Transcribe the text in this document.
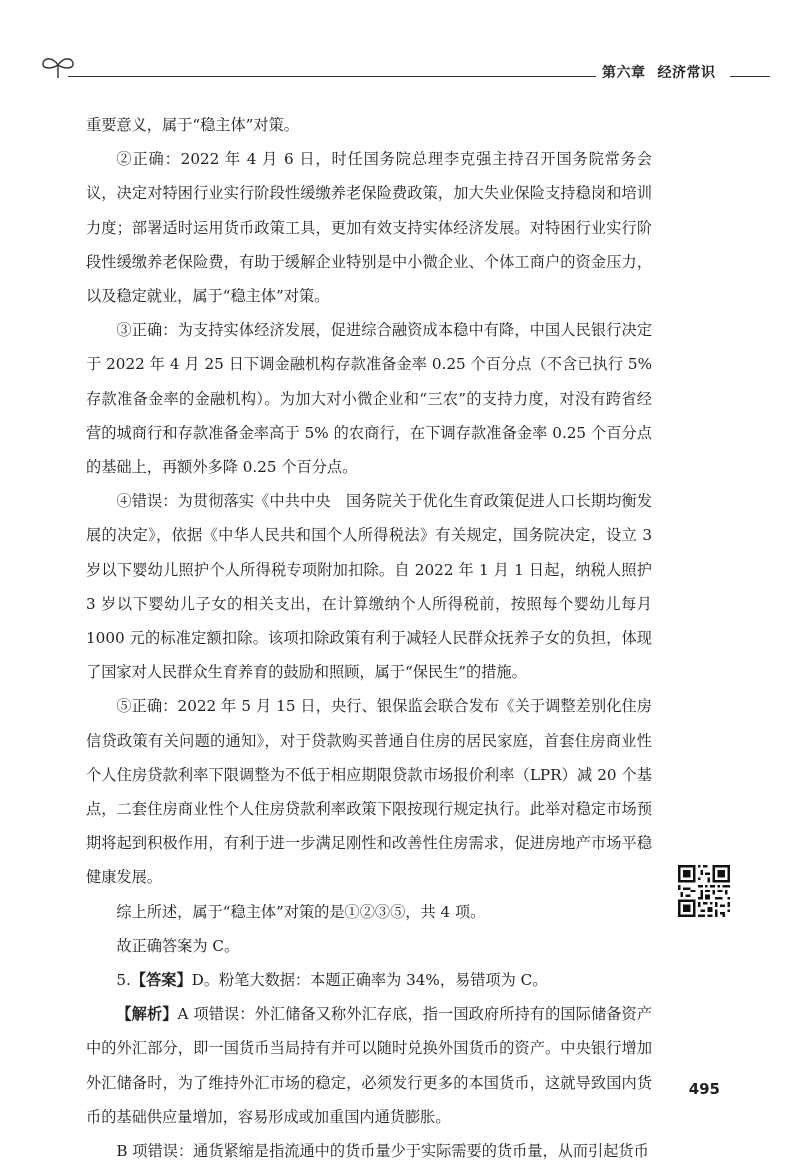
第六章 经济常识

重要意义，属于“稳主体”对策。

②正确：2022 年 4 月 6 日，时任国务院总理李克强主持召开国务院常务会议，决定对特困行业实行阶段性缓缴养老保险费政策，加大失业保险支持稳岗和培训力度；部署适时运用货币政策工具，更加有效支持实体经济发展。对特困行业实行阶段性缓缴养老保险费，有助于缓解企业特别是中小微企业、个体工商户的资金压力，以及稳定就业，属于“稳主体”对策。

③正确：为支持实体经济发展，促进综合融资成本稳中有降，中国人民银行决定于 2022 年 4 月 25 日下调金融机构存款准备金率 0.25 个百分点（不含已执行 5% 存款准备金率的金融机构）。为加大对小微企业和“三农”的支持力度，对没有跨省经营的城商行和存款准备金率高于 5% 的农商行，在下调存款准备金率 0.25 个百分点的基础上，再额外多降 0.25 个百分点。

④错误：为贯彻落实《中共中央　国务院关于优化生育政策促进人口长期均衡发展的决定》，依据《中华人民共和国个人所得税法》有关规定，国务院决定，设立 3 岁以下婴幼儿照护个人所得税专项附加扣除。自 2022 年 1 月 1 日起，纳税人照护 3 岁以下婴幼儿子女的相关支出，在计算缴纳个人所得税前，按照每个婴幼儿每月 1000 元的标准定额扣除。该项扣除政策有利于减轻人民群众抚养子女的负担，体现了国家对人民群众生育养育的鼓励和照顾，属于“保民生”的措施。

⑤正确：2022 年 5 月 15 日，央行、银保监会联合发布《关于调整差别化住房信贷政策有关问题的通知》，对于贷款购买普通自住房的居民家庭，首套住房商业性个人住房贷款利率下限调整为不低于相应期限贷款市场报价利率（LPR）减 20 个基点，二套住房商业性个人住房贷款利率政策下限按现行规定执行。此举对稳定市场预期将起到积极作用，有利于进一步满足刚性和改善性住房需求，促进房地产市场平稳健康发展。

综上所述，属于“稳主体”对策的是①②③⑤，共 4 项。

故正确答案为 C。

5.【答案】D。粉笔大数据：本题正确率为 34%，易错项为 C。

【解析】A 项错误：外汇储备又称外汇存底，指一国政府所持有的国际储备资产中的外汇部分，即一国货币当局持有并可以随时兑换外国货币的资产。中央银行增加外汇储备时，为了维持外汇市场的稳定，必须发行更多的本国货币，这就导致国内货币的基础供应量增加，容易形成或加重国内通货膨胀。

B 项错误：通货紧缩是指流通中的货币量少于实际需要的货币量，从而引起货币

495
